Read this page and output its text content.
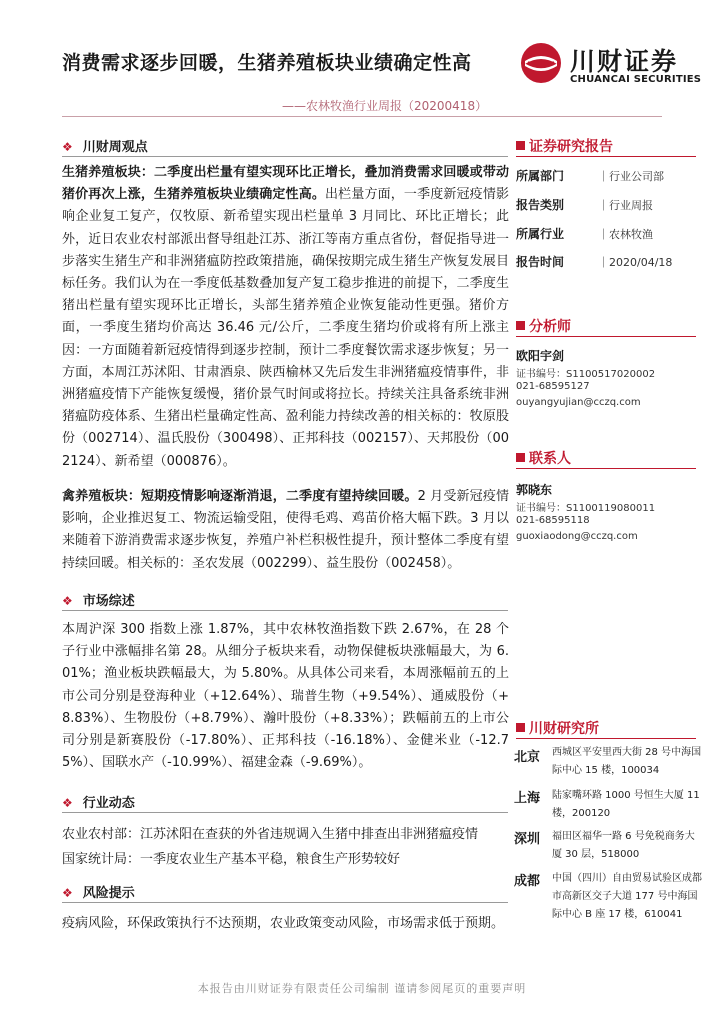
消费需求逐步回暖，生猪养殖板块业绩确定性高
——农林牧渔行业周报（20200418）
川财证券
CHUANCAI SECURITIES
❖ 川财周观点
生猪养殖板块：二季度出栏量有望实现环比正增长，叠加消费需求回暖或带动猪价再次上涨，生猪养殖板块业绩确定性高。出栏量方面，一季度新冠疫情影响企业复工复产，仅牧原、新希望实现出栏量单 3 月同比、环比正增长；此外，近日农业农村部派出督导组赴江苏、浙江等南方重点省份，督促指导进一步落实生猪生产和非洲猪瘟防控政策措施，确保按期完成生猪生产恢复发展目标任务。我们认为在一季度低基数叠加复产复工稳步推进的前提下，二季度生猪出栏量有望实现环比正增长，头部生猪养殖企业恢复能动性更强。猪价方面，一季度生猪均价高达 36.46 元/公斤，二季度生猪均价或将有所上涨主因：一方面随着新冠疫情得到逐步控制，预计二季度餐饮需求逐步恢复；另一方面，本周江苏沭阳、甘肃酒泉、陕西榆林又先后发生非洲猪瘟疫情事件，非洲猪瘟疫情下产能恢复缓慢，猪价景气时间或将拉长。持续关注具备系统非洲猪瘟防疫体系、生猪出栏量确定性高、盈利能力持续改善的相关标的：牧原股份（002714）、温氏股份（300498）、正邦科技（002157）、天邦股份（002124）、新希望（000876）。
禽养殖板块：短期疫情影响逐渐消退，二季度有望持续回暖。2 月受新冠疫情影响，企业推迟复工、物流运输受阻，使得毛鸡、鸡苗价格大幅下跌。3 月以来随着下游消费需求逐步恢复，养殖户补栏积极性提升，预计整体二季度有望持续回暖。相关标的：圣农发展（002299）、益生股份（002458）。
❖ 市场综述
本周沪深 300 指数上涨 1.87%，其中农林牧渔指数下跌 2.67%，在 28 个子行业中涨幅排名第 28。从细分子板块来看，动物保健板块涨幅最大，为 6.01%；渔业板块跌幅最大，为 5.80%。从具体公司来看，本周涨幅前五的上市公司分别是登海种业（+12.64%）、瑞普生物（+9.54%）、通威股份（+8.83%）、生物股份（+8.79%）、瀚叶股份（+8.33%）；跌幅前五的上市公司分别是新赛股份（-17.80%）、正邦科技（-16.18%）、金健米业（-12.75%）、国联水产（-10.99%）、福建金森（-9.69%）。
❖ 行业动态
农业农村部：江苏沭阳在查获的外省违规调入生猪中排查出非洲猪瘟疫情
国家统计局：一季度农业生产基本平稳，粮食生产形势较好
❖ 风险提示
疫病风险，环保政策执行不达预期，农业政策变动风险，市场需求低于预期。
证券研究报告
所属部门	｜行业公司部
报告类别	｜行业周报
所属行业	｜农林牧渔
报告时间	｜2020/04/18
分析师
欧阳宇剑
证书编号：S1100517020002
021-68595127
ouyangyujian@cczq.com
联系人
郭晓东
证书编号：S1100119080011
021-68595118
guoxiaodong@cczq.com
川财研究所
北京 西城区平安里西大街 28 号中海国际中心 15 楼，100034
上海 陆家嘴环路 1000 号恒生大厦 11 楼，200120
深圳 福田区福华一路 6 号免税商务大厦 30 层，518000
成都 中国（四川）自由贸易试验区成都市高新区交子大道 177 号中海国际中心 B 座 17 楼，610041
本报告由川财证券有限责任公司编制 谨请参阅尾页的重要声明
